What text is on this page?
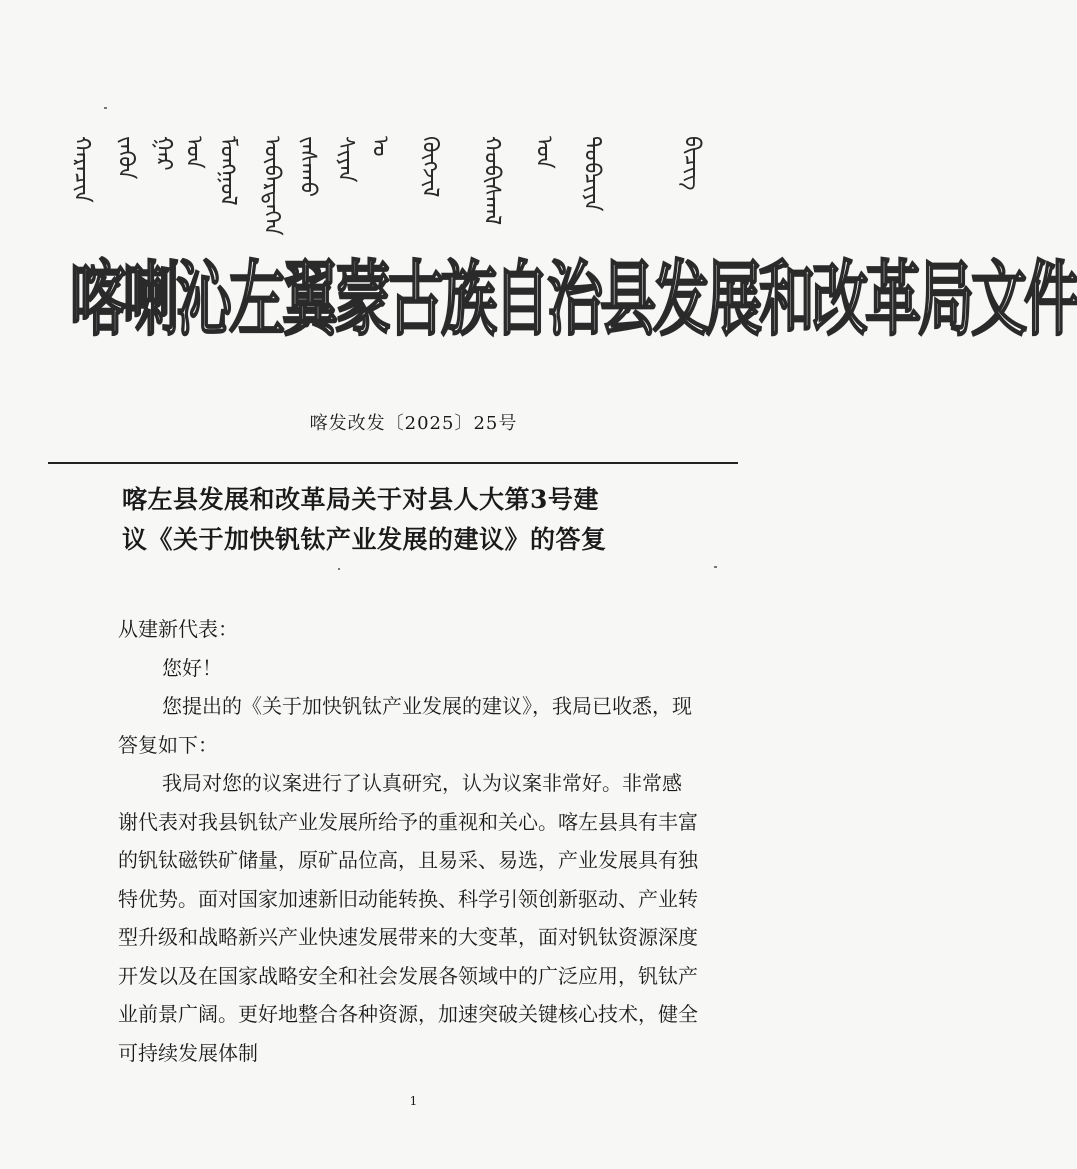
ᠬᠠᠷᠠᠴᠢᠨ ᠵᠡᠭᠦᠨ ᠭᠠᠷ ᠤᠨ ᠮᠣᠩᠭᠣᠯ ᠥᠪᠡᠷᠲᠡᠭᠡᠨ ᠵᠠᠰᠠᠬᠤ ᠰᠢᠶᠠᠨ ᠤ ᠬᠥᠭᠵᠢᠯ ᠬᠤᠪᠢᠰᠬᠠᠯ ᠤᠨ ᠲᠣᠪᠴᠢᠶᠠ	ᠪᠢᠴᠢᠭ
喀喇沁左翼蒙古族自治县发展和改革局文件
喀发改发〔2025〕25号
喀左县发展和改革局关于对县人大第3号建
议《关于加快钒钛产业发展的建议》的答复

从建新代表：

您好！

您提出的《关于加快钒钛产业发展的建议》，我局已收悉，现答复如下：

我局对您的议案进行了认真研究，认为议案非常好。非常感谢代表对我县钒钛产业发展所给予的重视和关心。喀左县具有丰富的钒钛磁铁矿储量，原矿品位高，且易采、易选，产业发展具有独特优势。面对国家加速新旧动能转换、科学引领创新驱动、产业转型升级和战略新兴产业快速发展带来的大变革，面对钒钛资源深度开发以及在国家战略安全和社会发展各领域中的广泛应用，钒钛产业前景广阔。更好地整合各种资源，加速突破关键核心技术，健全可持续发展体制

1
